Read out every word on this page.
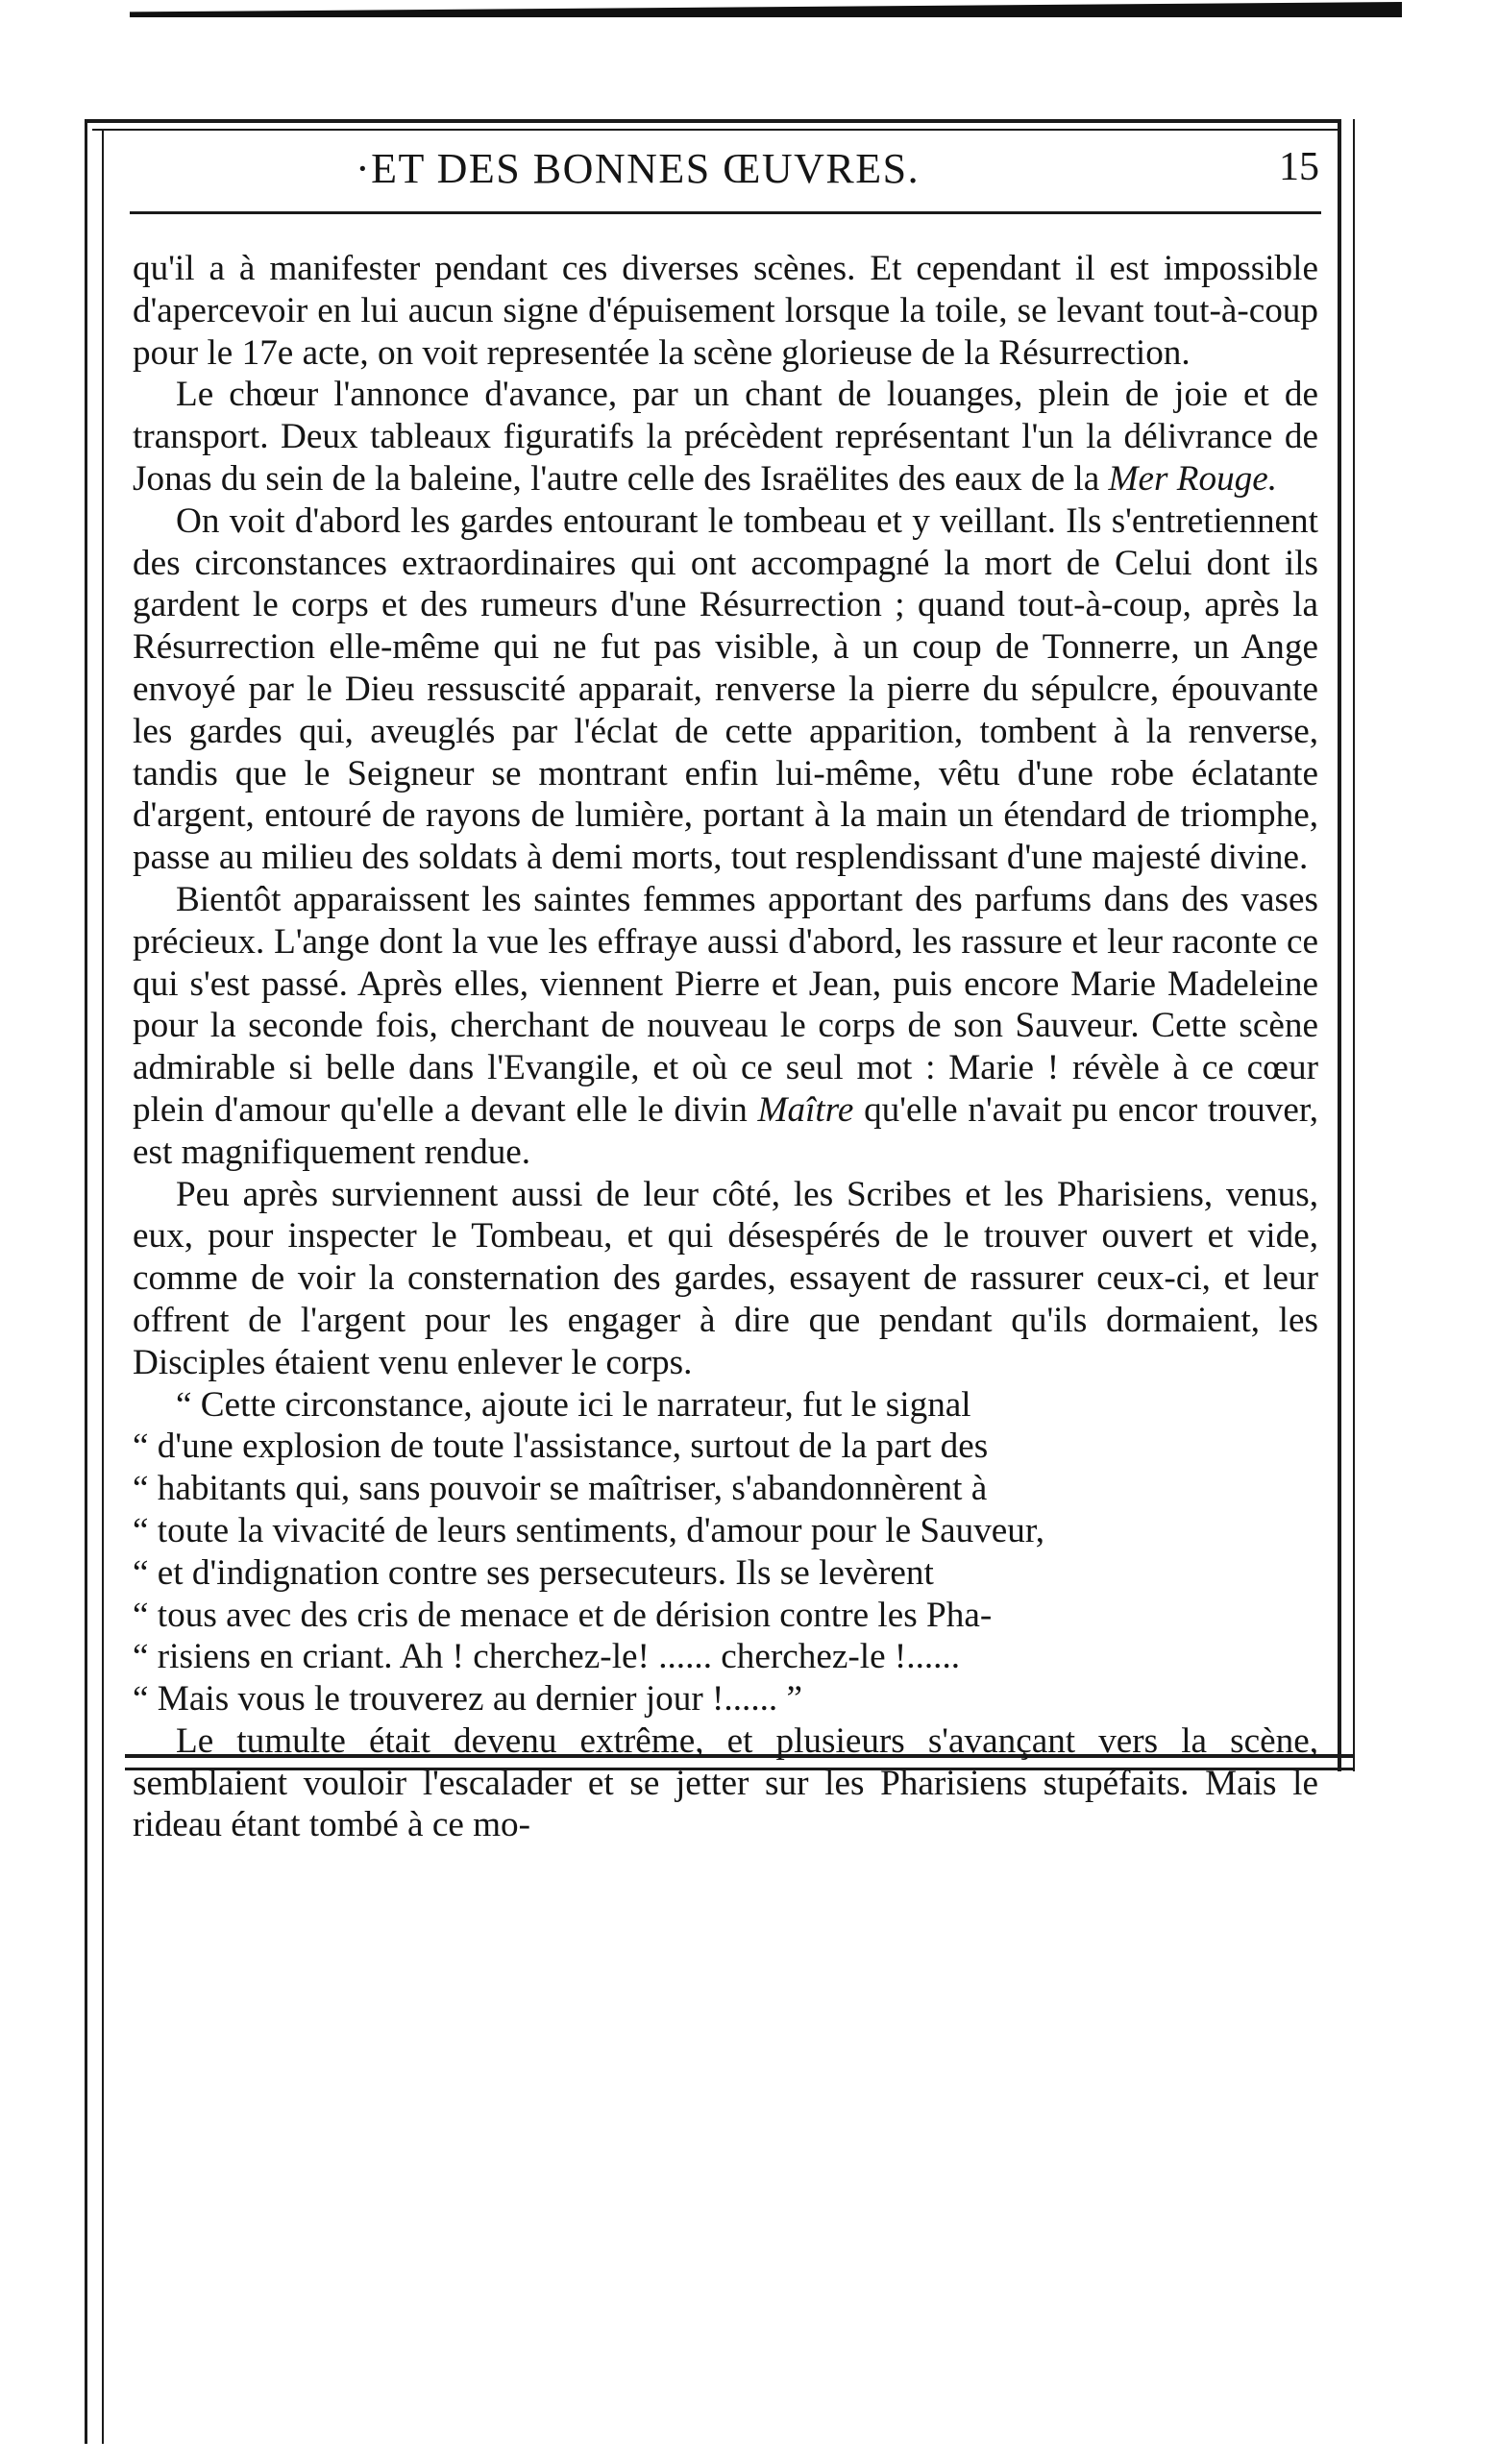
·ET DES BONNES ŒUVRES.	15

qu'il a à manifester pendant ces diverses scènes. Et cependant il est impossible d'apercevoir en lui aucun signe d'épuisement lorsque la toile, se levant tout-à-coup pour le 17e acte, on voit representée la scène glorieuse de la Résurrection.

Le chœur l'annonce d'avance, par un chant de louanges, plein de joie et de transport. Deux tableaux figuratifs la précèdent représentant l'un la délivrance de Jonas du sein de la baleine, l'autre celle des Israëlites des eaux de la Mer Rouge.

On voit d'abord les gardes entourant le tombeau et y veillant. Ils s'entretiennent des circonstances extraordinaires qui ont accompagné la mort de Celui dont ils gardent le corps et des rumeurs d'une Résurrection ; quand tout-à-coup, après la Résurrection elle-même qui ne fut pas visible, à un coup de Tonnerre, un Ange envoyé par le Dieu ressuscité apparait, renverse la pierre du sépulcre, épouvante les gardes qui, aveuglés par l'éclat de cette apparition, tombent à la renverse, tandis que le Seigneur se montrant enfin lui-même, vêtu d'une robe éclatante d'argent, entouré de rayons de lumière, portant à la main un étendard de triomphe, passe au milieu des soldats à demi morts, tout resplendissant d'une majesté divine.

Bientôt apparaissent les saintes femmes apportant des parfums dans des vases précieux. L'ange dont la vue les effraye aussi d'abord, les rassure et leur raconte ce qui s'est passé. Après elles, viennent Pierre et Jean, puis encore Marie Madeleine pour la seconde fois, cherchant de nouveau le corps de son Sauveur. Cette scène admirable si belle dans l'Evangile, et où ce seul mot : Marie ! révèle à ce cœur plein d'amour qu'elle a devant elle le divin Maître qu'elle n'avait pu encor trouver, est magnifiquement rendue.

Peu après surviennent aussi de leur côté, les Scribes et les Pharisiens, venus, eux, pour inspecter le Tombeau, et qui désespérés de le trouver ouvert et vide, comme de voir la consternation des gardes, essayent de rassurer ceux-ci, et leur offrent de l'argent pour les engager à dire que pendant qu'ils dormaient, les Disciples étaient venu enlever le corps.

“ Cette circonstance, ajoute ici le narrateur, fut le signal
“ d'une explosion de toute l'assistance, surtout de la part des
“ habitants qui, sans pouvoir se maîtriser, s'abandonnèrent à
“ toute la vivacité de leurs sentiments, d'amour pour le Sauveur,
“ et d'indignation contre ses persecuteurs. Ils se levèrent
“ tous avec des cris de menace et de dérision contre les Pha-
“ risiens en criant. Ah ! cherchez-le! ...... cherchez-le !......
“ Mais vous le trouverez au dernier jour !...... ”

Le tumulte était devenu extrême, et plusieurs s'avançant vers la scène, semblaient vouloir l'escalader et se jetter sur les Pharisiens stupéfaits. Mais le rideau étant tombé à ce mo-
